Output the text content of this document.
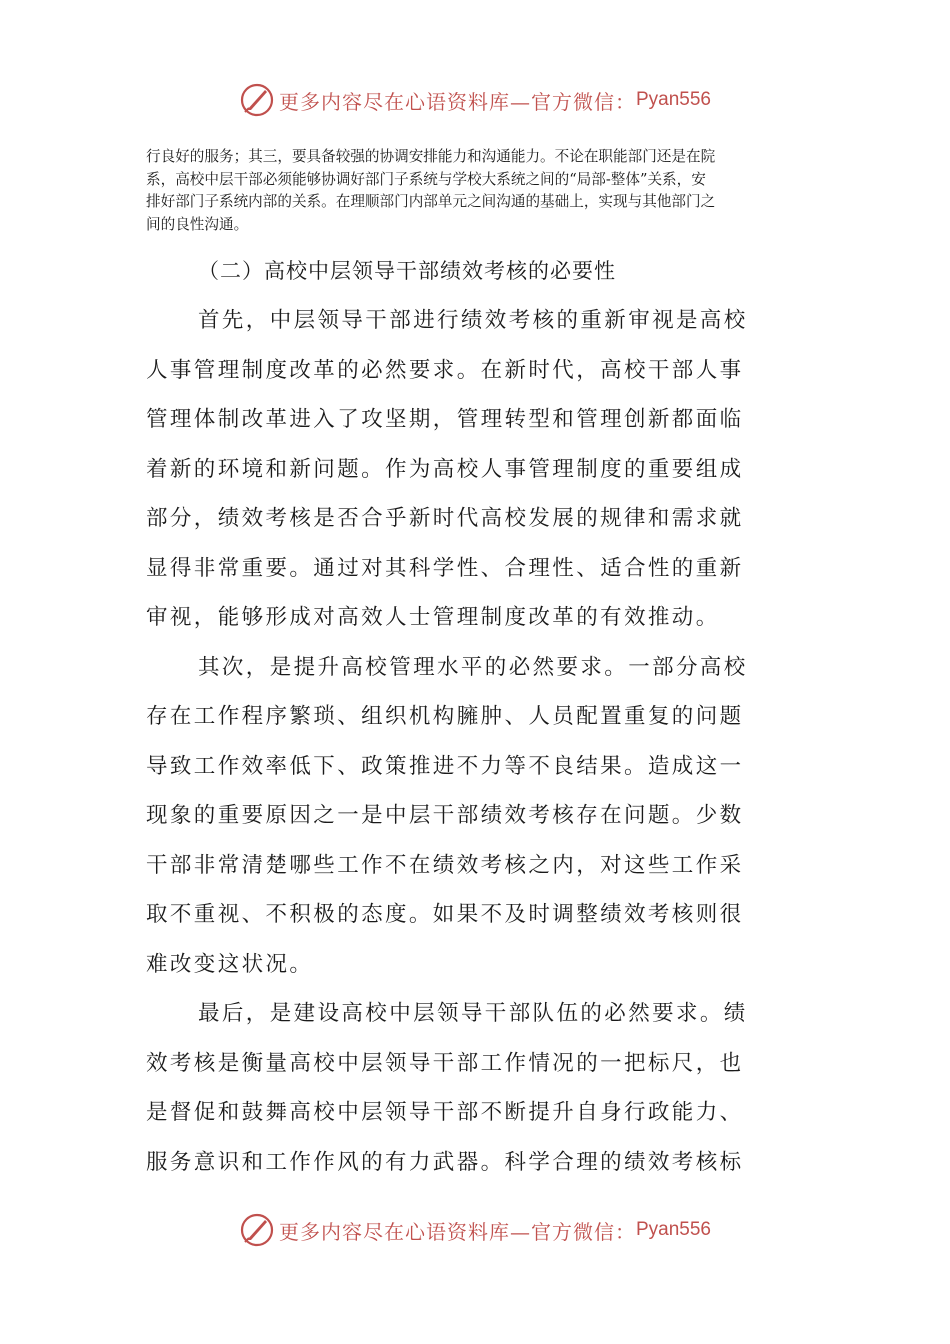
更多内容尽在心语资料库—官方微信： Pyan556
行良好的服务；其三，要具备较强的协调安排能力和沟通能力。不论在职能部门还是在院
系，高校中层干部必须能够协调好部门子系统与学校大系统之间的“局部-整体”关系，安
排好部门子系统内部的关系。在理顺部门内部单元之间沟通的基础上，实现与其他部门之
间的良性沟通。
（二）高校中层领导干部绩效考核的必要性
首先，中层领导干部进行绩效考核的重新审视是高校
人事管理制度改革的必然要求。在新时代，高校干部人事
管理体制改革进入了攻坚期，管理转型和管理创新都面临
着新的环境和新问题。作为高校人事管理制度的重要组成
部分，绩效考核是否合乎新时代高校发展的规律和需求就
显得非常重要。通过对其科学性、合理性、适合性的重新
审视，能够形成对高效人士管理制度改革的有效推动。
其次，是提升高校管理水平的必然要求。一部分高校
存在工作程序繁琐、组织机构臃肿、人员配置重复的问题
导致工作效率低下、政策推进不力等不良结果。造成这一
现象的重要原因之一是中层干部绩效考核存在问题。少数
干部非常清楚哪些工作不在绩效考核之内，对这些工作采
取不重视、不积极的态度。如果不及时调整绩效考核则很
难改变这状况。
最后，是建设高校中层领导干部队伍的必然要求。绩
效考核是衡量高校中层领导干部工作情况的一把标尺，也
是督促和鼓舞高校中层领导干部不断提升自身行政能力、
服务意识和工作作风的有力武器。科学合理的绩效考核标
更多内容尽在心语资料库—官方微信： Pyan556
